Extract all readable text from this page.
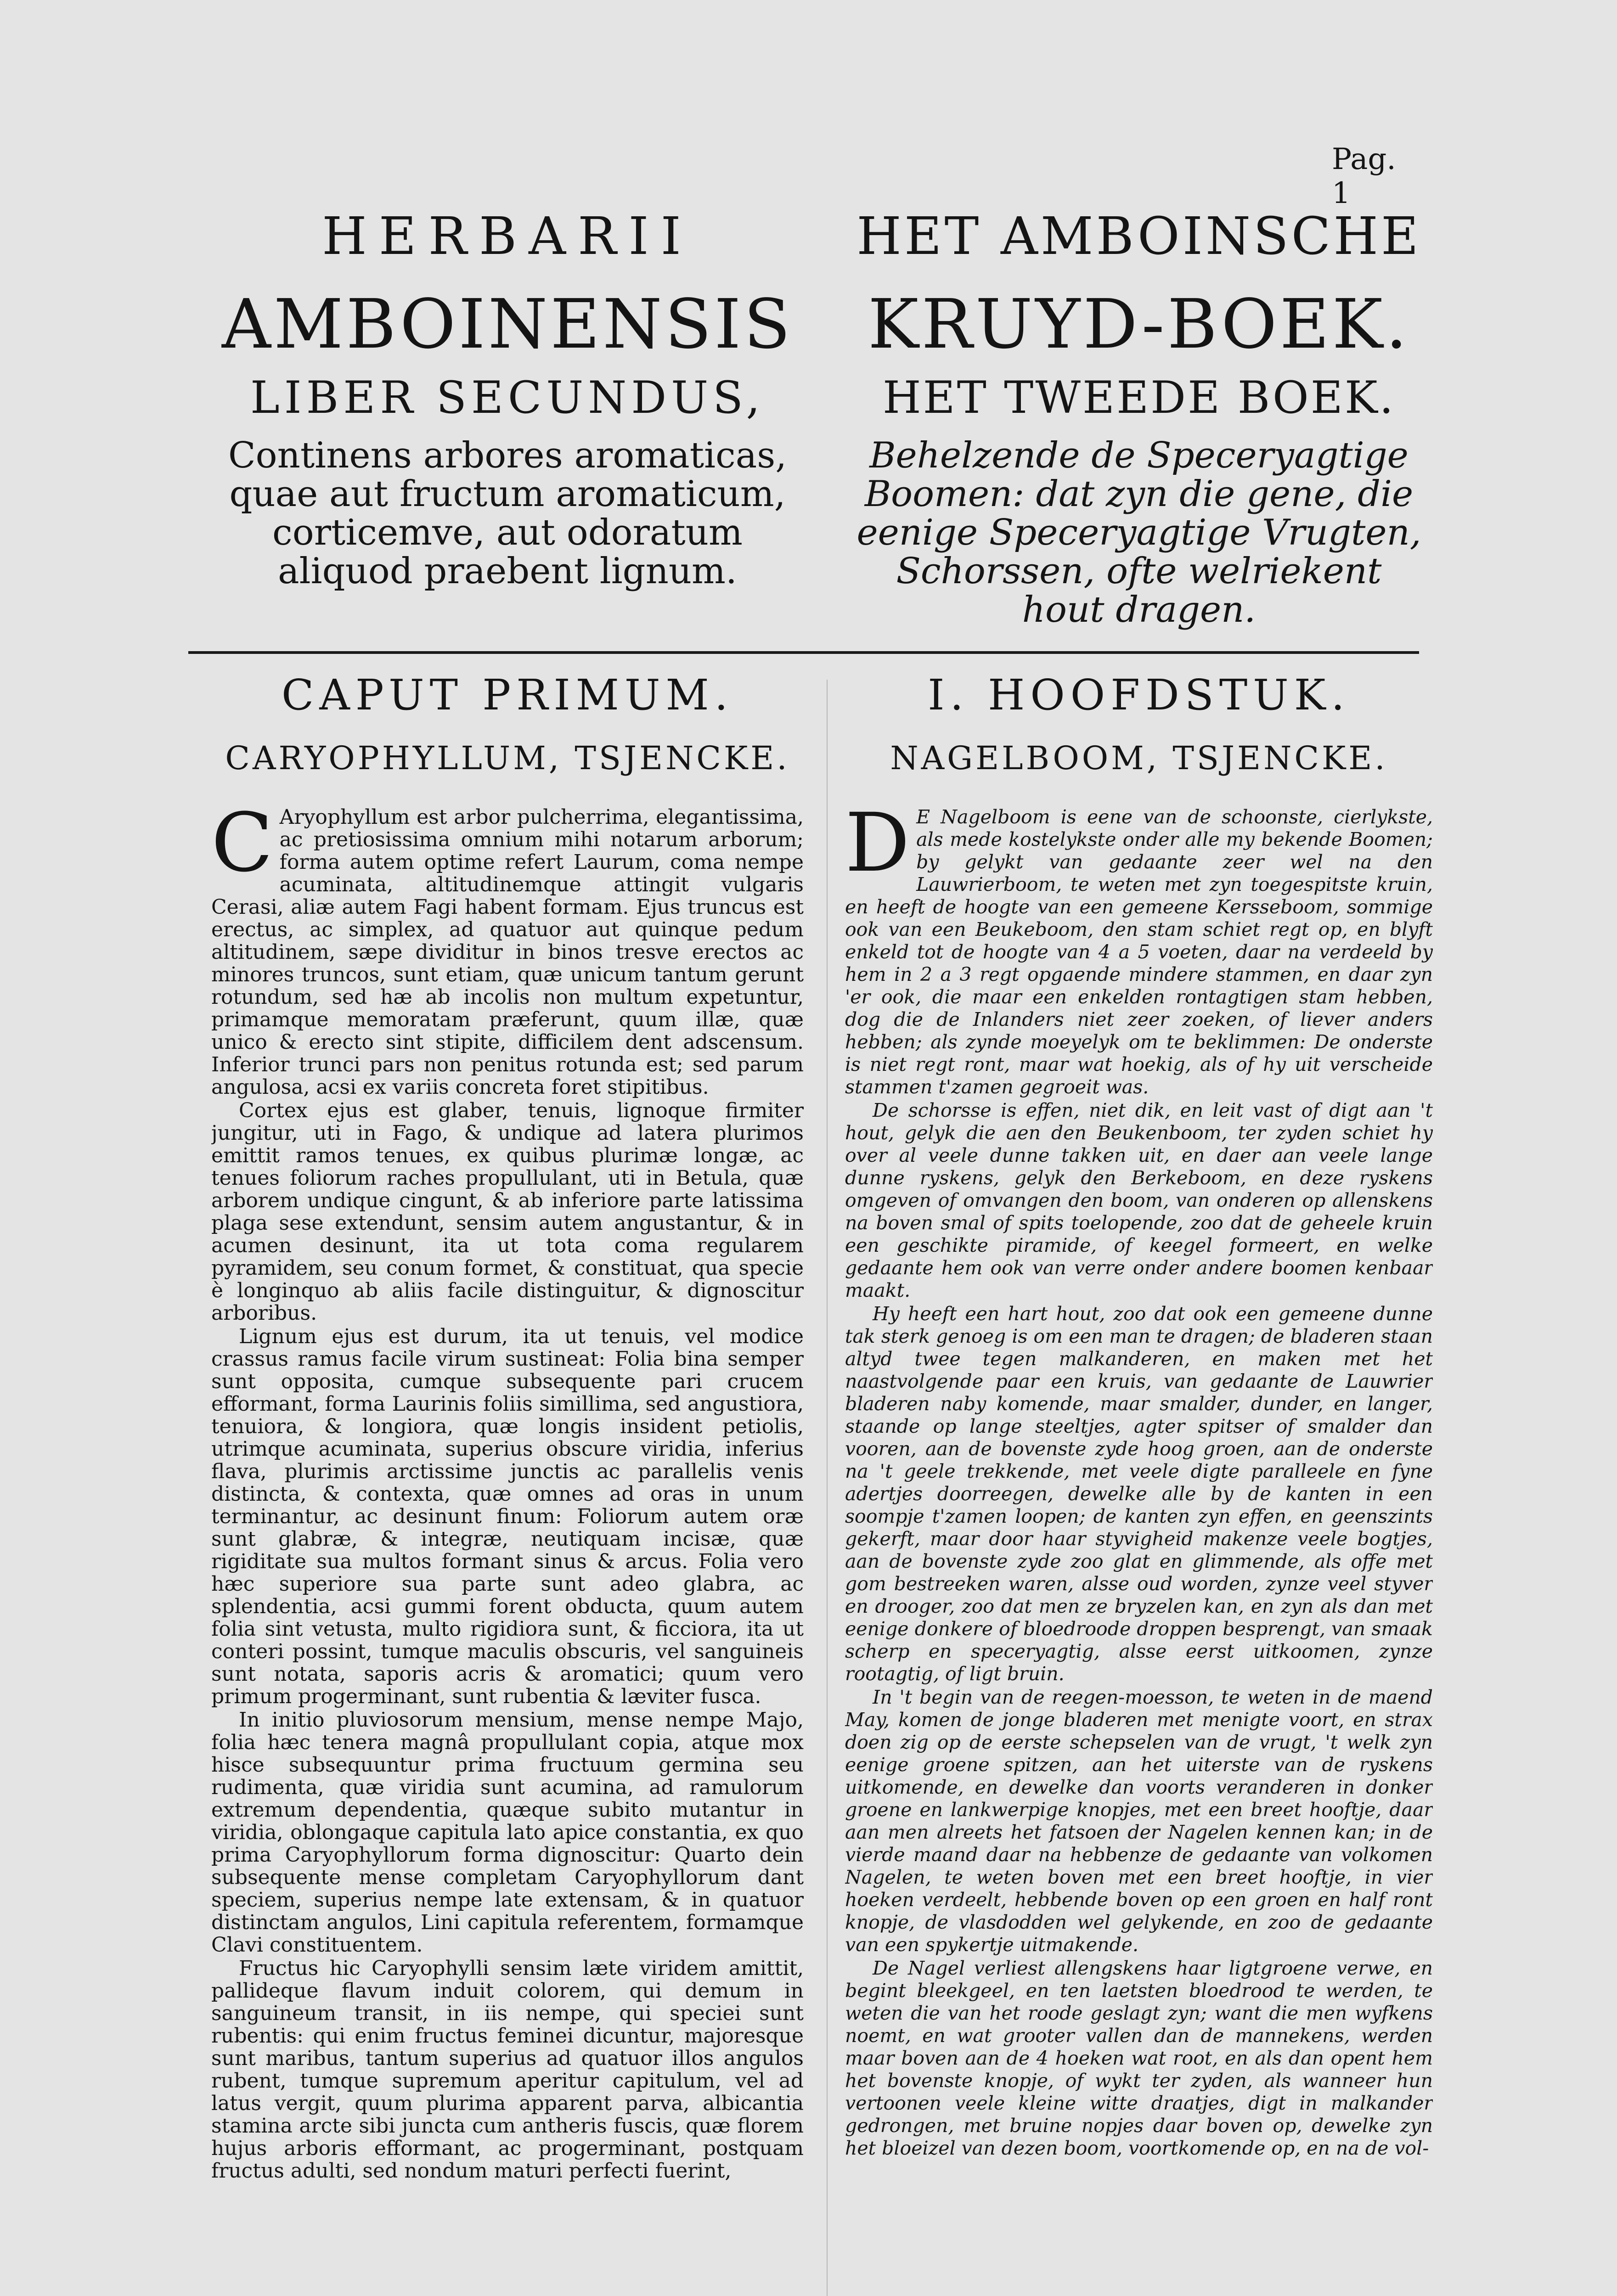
Pag. 1
HERBARII
AMBOINENSIS
LIBER SECUNDUS,
Continens arbores aromaticas, quae aut fructum aromaticum, corticemve, aut odoratum aliquod praebent lignum.
CAPUT PRIMUM.
CARYOPHYLLUM, TSJENCKE.

C Aryophyllum est arbor pulcherrima, elegantissima, ac pretiosissima omnium mihi notarum arborum; forma autem optime refert Laurum, coma nempe acuminata, altitudinemque attingit vulgaris Cerasi, aliæ autem Fagi habent formam. Ejus truncus est erectus, ac simplex, ad quatuor aut quinque pedum altitudinem, sæpe dividitur in binos tresve erectos ac minores truncos, sunt etiam, quæ unicum tantum gerunt rotundum, sed hæ ab incolis non multum expetuntur, primamque memoratam præferunt, quum illæ, quæ unico & erecto sint stipite, difficilem dent adscensum. Inferior trunci pars non penitus rotunda est; sed parum angulosa, acsi ex variis concreta foret stipitibus.

Cortex ejus est glaber, tenuis, lignoque firmiter jungitur, uti in Fago, & undique ad latera plurimos emittit ramos tenues, ex quibus plurimæ longæ, ac tenues foliorum raches propullulant, uti in Betula, quæ arborem undique cingunt, & ab inferiore parte latissima plaga sese extendunt, sensim autem angustantur, & in acumen desinunt, ita ut tota coma regularem pyramidem, seu conum formet, & constituat, qua specie è longinquo ab aliis facile distinguitur, & dignoscitur arboribus.

Lignum ejus est durum, ita ut tenuis, vel modice crassus ramus facile virum sustineat: Folia bina semper sunt opposita, cumque subsequente pari crucem efformant, forma Laurinis foliis simillima, sed angustiora, tenuiora, & longiora, quæ longis insident petiolis, utrimque acuminata, superius obscure viridia, inferius flava, plurimis arctissime junctis ac parallelis venis distincta, & contexta, quæ omnes ad oras in unum terminantur, ac desinunt finum: Foliorum autem oræ sunt glabræ, & integræ, neutiquam incisæ, quæ rigiditate sua multos formant sinus & arcus. Folia vero hæc superiore sua parte sunt adeo glabra, ac splendentia, acsi gummi forent obducta, quum autem folia sint vetusta, multo rigidiora sunt, & ficciora, ita ut conteri possint, tumque maculis obscuris, vel sanguineis sunt notata, saporis acris & aromatici; quum vero primum progerminant, sunt rubentia & læviter fusca.

In initio pluviosorum mensium, mense nempe Majo, folia hæc tenera magnâ propullulant copia, atque mox hisce subsequuntur prima fructuum germina seu rudimenta, quæ viridia sunt acumina, ad ramulorum extremum dependentia, quæque subito mutantur in viridia, oblongaque capitula lato apice constantia, ex quo prima Caryophyllorum forma dignoscitur: Quarto dein subsequente mense completam Caryophyllorum dant speciem, superius nempe late extensam, & in quatuor distinctam angulos, Lini capitula referentem, formamque Clavi constituentem.

Fructus hic Caryophylli sensim læte viridem amittit, pallideque flavum induit colorem, qui demum in sanguineum transit, in iis nempe, qui speciei sunt rubentis: qui enim fructus feminei dicuntur, majoresque sunt maribus, tantum superius ad quatuor illos angulos rubent, tumque supremum aperitur capitulum, vel ad latus vergit, quum plurima apparent parva, albicantia stamina arcte sibi juncta cum antheris fuscis, quæ florem hujus arboris efformant, ac progerminant, postquam fructus adulti, sed nondum maturi perfecti fuerint,

HET AMBOINSCHE
KRUYD-BOEK.
HET TWEEDE BOEK.
Behelzende de Speceryagtige Boomen: dat zyn die gene, die eenige Speceryagtige Vrugten, Schorssen, ofte welriekent hout dragen.
I. HOOFDSTUK.
NAGELBOOM, TSJENCKE.

D E Nagelboom is eene van de schoonste, cierlykste, als mede kostelykste onder alle my bekende Boomen; by gelykt van gedaante zeer wel na den Lauwrierboom, te weten met zyn toegespitste kruin, en heeft de hoogte van een gemeene Kersseboom, sommige ook van een Beukeboom, den stam schiet regt op, en blyft enkeld tot de hoogte van 4 a 5 voeten, daar na verdeeld by hem in 2 a 3 regt opgaende mindere stammen, en daar zyn 'er ook, die maar een enkelden rontagtigen stam hebben, dog die de Inlanders niet zeer zoeken, of liever anders hebben; als zynde moeyelyk om te beklimmen: De onderste is niet regt ront, maar wat hoekig, als of hy uit verscheide stammen t'zamen gegroeit was.

De schorsse is effen, niet dik, en leit vast of digt aan 't hout, gelyk die aen den Beukenboom, ter zyden schiet hy over al veele dunne takken uit, en daer aan veele lange dunne ryskens, gelyk den Berkeboom, en deze ryskens omgeven of omvangen den boom, van onderen op allenskens na boven smal of spits toelopende, zoo dat de geheele kruin een geschikte piramide, of keegel formeert, en welke gedaante hem ook van verre onder andere boomen kenbaar maakt.

Hy heeft een hart hout, zoo dat ook een gemeene dunne tak sterk genoeg is om een man te dragen; de bladeren staan altyd twee tegen malkanderen, en maken met het naastvolgende paar een kruis, van gedaante de Lauwrier bladeren naby komende, maar smalder, dunder, en langer, staande op lange steeltjes, agter spitser of smalder dan vooren, aan de bovenste zyde hoog groen, aan de onderste na 't geele trekkende, met veele digte paralleele en fyne adertjes doorreegen, dewelke alle by de kanten in een soompje t'zamen loopen; de kanten zyn effen, en geenszints gekerft, maar door haar styvigheid makenze veele bogtjes, aan de bovenste zyde zoo glat en glimmende, als offe met gom bestreeken waren, alsse oud worden, zynze veel styver en drooger, zoo dat men ze bryzelen kan, en zyn als dan met eenige donkere of bloedroode droppen besprengt, van smaak scherp en speceryagtig, alsse eerst uitkoomen, zynze rootagtig, of ligt bruin.

In 't begin van de reegen-moesson, te weten in de maend May, komen de jonge bladeren met menigte voort, en strax doen zig op de eerste schepselen van de vrugt, 't welk zyn eenige groene spitzen, aan het uiterste van de ryskens uitkomende, en dewelke dan voorts veranderen in donker groene en lankwerpige knopjes, met een breet hooftje, daar aan men alreets het fatsoen der Nagelen kennen kan; in de vierde maand daar na hebbenze de gedaante van volkomen Nagelen, te weten boven met een breet hooftje, in vier hoeken verdeelt, hebbende boven op een groen en half ront knopje, de vlasdodden wel gelykende, en zoo de gedaante van een spykertje uitmakende.

De Nagel verliest allengskens haar ligtgroene verwe, en begint bleekgeel, en ten laetsten bloedrood te werden, te weten die van het roode geslagt zyn; want die men wyfkens noemt, en wat grooter vallen dan de mannekens, werden maar boven aan de 4 hoeken wat root, en als dan opent hem het bovenste knopje, of wykt ter zyden, als wanneer hun vertoonen veele kleine witte draatjes, digt in malkander gedrongen, met bruine nopjes daar boven op, dewelke zyn het bloeizel van dezen boom, voortkomende op, en na de vol-
